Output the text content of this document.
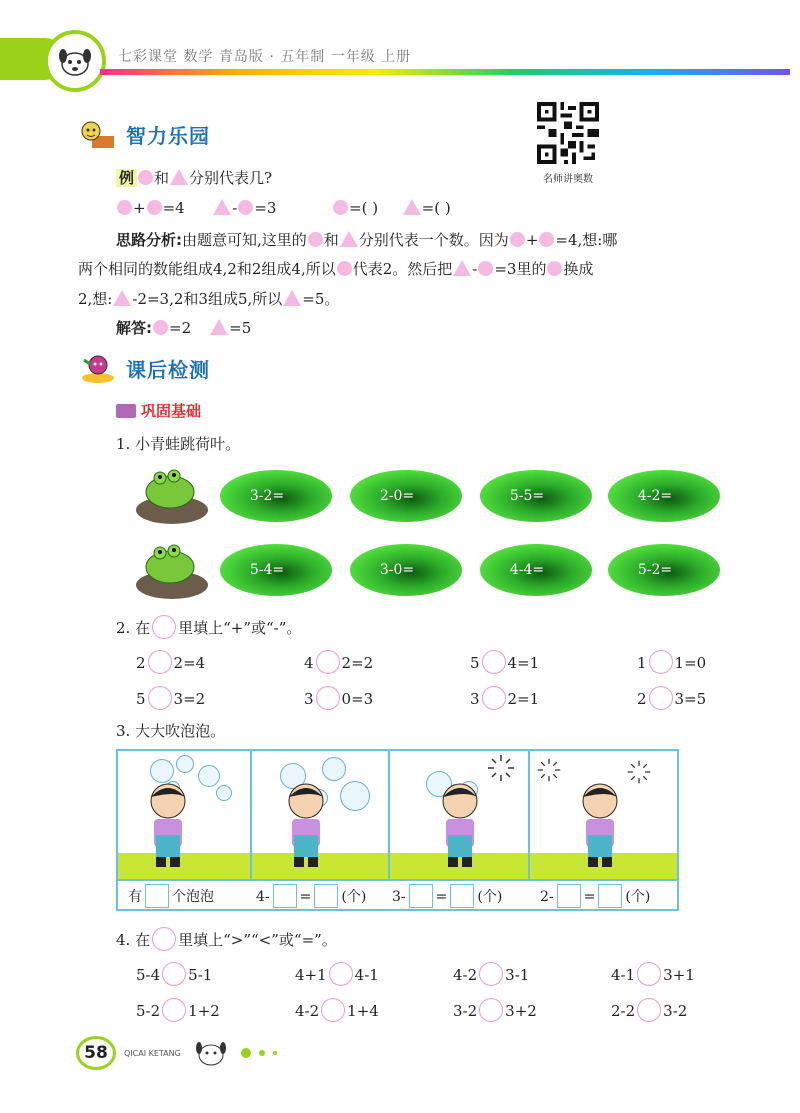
七彩课堂 数学 青岛版 · 五年制 一年级 上册
名师讲奥数
智力乐园
例 和 分别代表几?
+ =4	- =3	=( )	=( )
思路分析:由题意可知,这里的 和 分别代表一个数。因为 + =4,想:哪
两个相同的数能组成4,2和2组成4,所以 代表2。然后把 - =3里的 换成
2,想: -2=3,2和3组成5,所以 =5。
解答: =2	=5
课后检测
巩固基础
1. 小青蛙跳荷叶。
3-2=	2-0=	5-5=	4-2=
5-4=	3-0=	4-4=	5-2=
2. 在 里填上“+”或“-”。
2 2=4	4 2=2	5 4=1	1 1=0
5 3=2	3 0=3	3 2=1	2 3=5
3. 大大吹泡泡。
有 个泡泡	4- = (个)	3- = (个)	2- = (个)
4. 在 里填上“>”“<”或“=”。
5-4 5-1	4+1 4-1	4-2 3-1	4-1 3+1
5-2 1+2	4-2 1+4	3-2 3+2	2-2 3-2
58	QICAI KETANG
